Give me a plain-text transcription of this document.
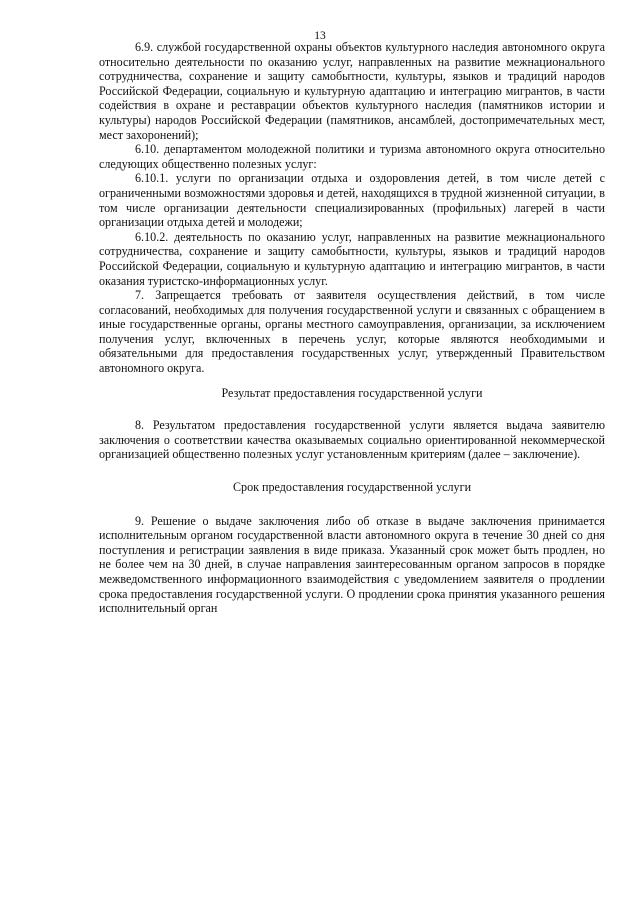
13

6.9. службой государственной охраны объектов культурного наследия автономного округа относительно деятельности по оказанию услуг, направленных на развитие межнационального сотрудничества, сохранение и защиту самобытности, культуры, языков и традиций народов Российской Федерации, социальную и культурную адаптацию и интеграцию мигрантов, в части содействия в охране и реставрации объектов культурного наследия (памятников истории и культуры) народов Российской Федерации (памятников, ансамблей, достопримечательных мест, мест захоронений);

6.10. департаментом молодежной политики и туризма автономного округа относительно следующих общественно полезных услуг:

6.10.1. услуги по организации отдыха и оздоровления детей, в том числе детей с ограниченными возможностями здоровья и детей, находящихся в трудной жизненной ситуации, в том числе организации деятельности специализированных (профильных) лагерей в части организации отдыха детей и молодежи;

6.10.2. деятельность по оказанию услуг, направленных на развитие межнационального сотрудничества, сохранение и защиту самобытности, культуры, языков и традиций народов Российской Федерации, социальную и культурную адаптацию и интеграцию мигрантов, в части оказания туристско-информационных услуг.

7. Запрещается требовать от заявителя осуществления действий, в том числе согласований, необходимых для получения государственной услуги и связанных с обращением в иные государственные органы, органы местного самоуправления, организации, за исключением получения услуг, включенных в перечень услуг, которые являются необходимыми и обязательными для предоставления государственных услуг, утвержденный Правительством автономного округа.

Результат предоставления государственной услуги

8. Результатом предоставления государственной услуги является выдача заявителю заключения о соответствии качества оказываемых социально ориентированной некоммерческой организацией общественно полезных услуг установленным критериям (далее – заключение).

Срок предоставления государственной услуги

9. Решение о выдаче заключения либо об отказе в выдаче заключения принимается исполнительным органом государственной власти автономного округа в течение 30 дней со дня поступления и регистрации заявления в виде приказа. Указанный срок может быть продлен, но не более чем на 30 дней, в случае направления заинтересованным органом запросов в порядке межведомственного информационного взаимодействия с уведомлением заявителя о продлении срока предоставления государственной услуги. О продлении срока принятия указанного решения исполнительный орган
